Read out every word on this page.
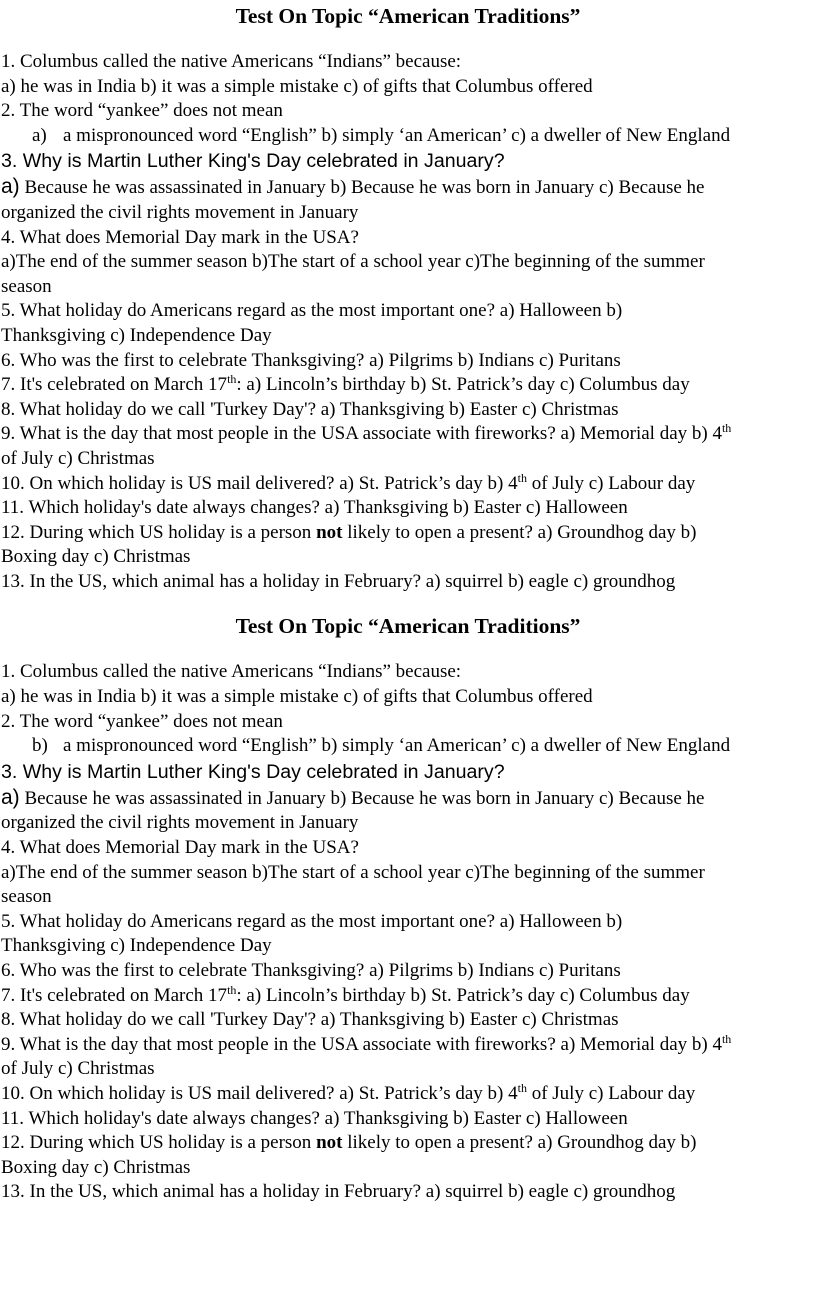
Test On Topic “American Traditions”
1. Columbus called the native Americans “Indians” because:
a) he was in India b) it was a simple mistake c) of gifts that Columbus offered
2. The word “yankee” does not mean
a) a mispronounced word “English” b) simply ‘an American’ c) a dweller of New England
3. Why is Martin Luther King's Day celebrated in January?
a) Because he was assassinated in January b) Because he was born in January c) Because he
organized the civil rights movement in January
4. What does Memorial Day mark in the USA?
a)The end of the summer season b)The start of a school year c)The beginning of the summer
season
5. What holiday do Americans regard as the most important one? a) Halloween b)
Thanksgiving c) Independence Day
6. Who was the first to celebrate Thanksgiving? a) Pilgrims b) Indians c) Puritans
7. It's celebrated on March 17th: a) Lincoln’s birthday b) St. Patrick’s day c) Columbus day
8. What holiday do we call 'Turkey Day'? a) Thanksgiving b) Easter c) Christmas
9. What is the day that most people in the USA associate with fireworks? a) Memorial day b) 4th
of July c) Christmas
10. On which holiday is US mail delivered? a) St. Patrick’s day b) 4th of July c) Labour day
11. Which holiday's date always changes? a) Thanksgiving b) Easter c) Halloween
12. During which US holiday is a person not likely to open a present? a) Groundhog day b)
Boxing day c) Christmas
13. In the US, which animal has a holiday in February? a) squirrel b) eagle c) groundhog
Test On Topic “American Traditions”
1. Columbus called the native Americans “Indians” because:
a) he was in India b) it was a simple mistake c) of gifts that Columbus offered
2. The word “yankee” does not mean
b) a mispronounced word “English” b) simply ‘an American’ c) a dweller of New England
3. Why is Martin Luther King's Day celebrated in January?
a) Because he was assassinated in January b) Because he was born in January c) Because he
organized the civil rights movement in January
4. What does Memorial Day mark in the USA?
a)The end of the summer season b)The start of a school year c)The beginning of the summer
season
5. What holiday do Americans regard as the most important one? a) Halloween b)
Thanksgiving c) Independence Day
6. Who was the first to celebrate Thanksgiving? a) Pilgrims b) Indians c) Puritans
7. It's celebrated on March 17th: a) Lincoln’s birthday b) St. Patrick’s day c) Columbus day
8. What holiday do we call 'Turkey Day'? a) Thanksgiving b) Easter c) Christmas
9. What is the day that most people in the USA associate with fireworks? a) Memorial day b) 4th
of July c) Christmas
10. On which holiday is US mail delivered? a) St. Patrick’s day b) 4th of July c) Labour day
11. Which holiday's date always changes? a) Thanksgiving b) Easter c) Halloween
12. During which US holiday is a person not likely to open a present? a) Groundhog day b)
Boxing day c) Christmas
13. In the US, which animal has a holiday in February? a) squirrel b) eagle c) groundhog
